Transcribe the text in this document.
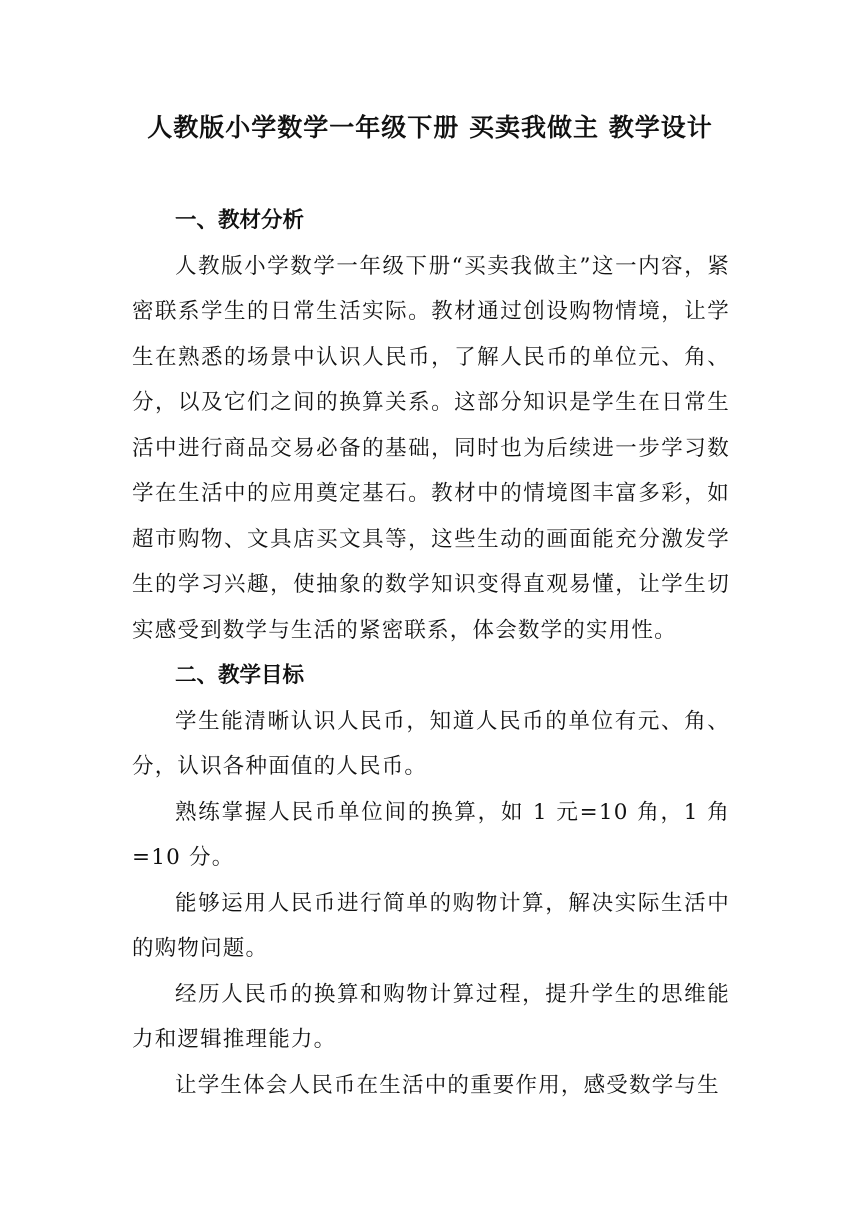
人教版小学数学一年级下册 买卖我做主 教学设计
一、教材分析

人教版小学数学一年级下册“买卖我做主”这一内容，紧密联系学生的日常生活实际。教材通过创设购物情境，让学生在熟悉的场景中认识人民币，了解人民币的单位元、角、分，以及它们之间的换算关系。这部分知识是学生在日常生活中进行商品交易必备的基础，同时也为后续进一步学习数学在生活中的应用奠定基石。教材中的情境图丰富多彩，如超市购物、文具店买文具等，这些生动的画面能充分激发学生的学习兴趣，使抽象的数学知识变得直观易懂，让学生切实感受到数学与生活的紧密联系，体会数学的实用性。

二、教学目标

学生能清晰认识人民币，知道人民币的单位有元、角、分，认识各种面值的人民币。

熟练掌握人民币单位间的换算，如 1 元=10 角，1 角=10 分。

能够运用人民币进行简单的购物计算，解决实际生活中的购物问题。

经历人民币的换算和购物计算过程，提升学生的思维能力和逻辑推理能力。

让学生体会人民币在生活中的重要作用，感受数学与生
